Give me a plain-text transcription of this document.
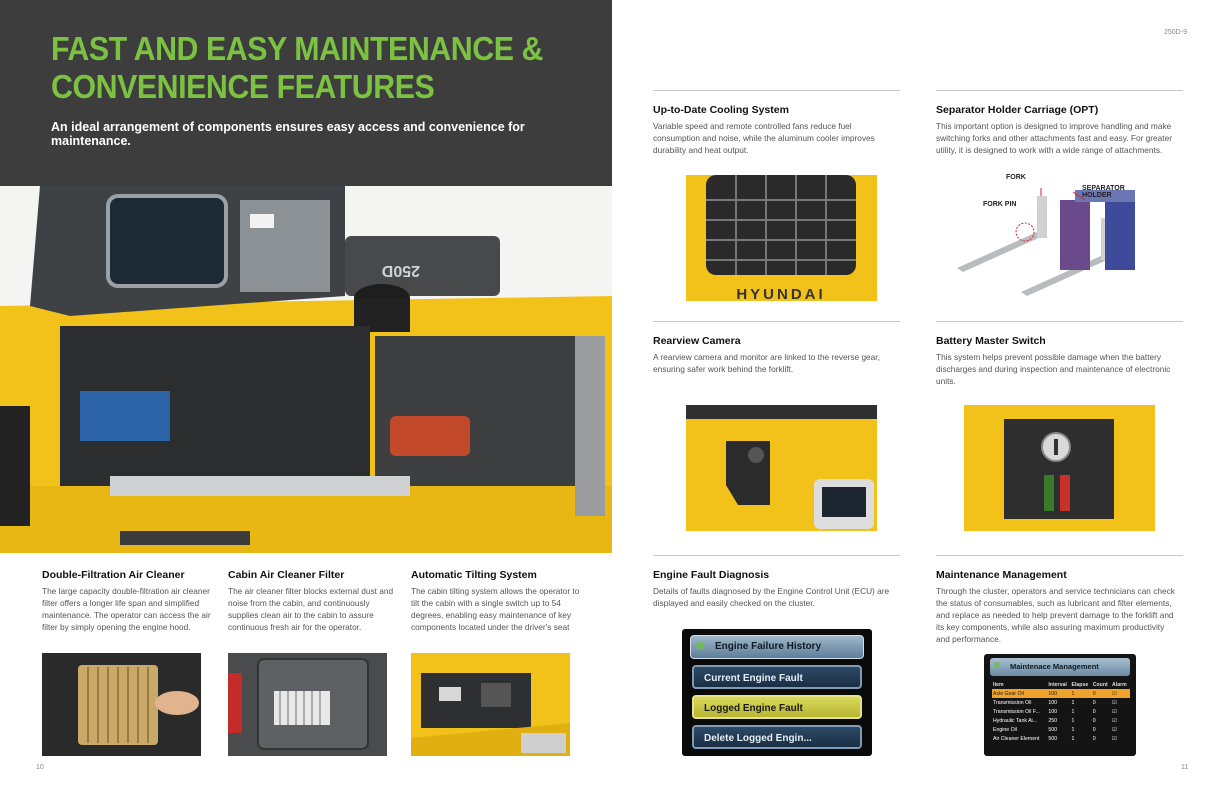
FAST AND EASY MAINTENANCE & CONVENIENCE FEATURES
An ideal arrangement of components ensures easy access and convenience for maintenance.
250D
Double-Filtration Air Cleaner
The large capacity double-filtration air cleaner filter offers a longer life span and simplified maintenance. The operator can access the air filter by simply opening the engine hood.
Cabin Air Cleaner Filter
The air cleaner filter blocks external dust and noise from the cabin, and continuously supplies clean air to the cabin to assure continuous fresh air for the operator.
Automatic Tilting System
The cabin tilting system allows the operator to tilt the cabin with a single switch up to 54 degrees, enabling easy maintenance of key components located under the driver's seat
10
250D-9
Up-to-Date Cooling System
Variable speed and remote controlled fans reduce fuel consumption and noise, while the aluminum cooler improves durability and heat output.
HYUNDAI
Separator Holder Carriage (OPT)
This important option is designed to improve handling and make switching forks and other attachments fast and easy. For greater utility, it is designed to work with a wide range of attachments.
FORK
SEPARATOR HOLDER
FORK PIN
Rearview Camera
A rearview camera and monitor are linked to the reverse gear, ensuring safer work behind the forklift.
Battery Master Switch
This system helps prevent possible damage when the battery discharges and during inspection and maintenance of electronic units.
Engine Fault Diagnosis
Details of faults diagnosed by the Engine Control Unit (ECU) are displayed and easily checked on the cluster.
✖ Engine Failure History
Current Engine Fault
Logged Engine Fault
Delete Logged Engin...
Maintenance Management
Through the cluster, operators and service technicians can check the status of consumables, such as lubricant and filter elements, and replace as needed to help prevent damage to the forklift and its key components, while also assuring maximum productivity and performance.
✖ Maintenace Management
Item	Interval	Elapse	Count	Alarm
Axle Gear Oil	100	1	0	☑
Transmission Oil	100	1	0	☑
Transmission Oil F...	100	1	0	☑
Hydraulic Tank Ai...	250	1	0	☑
Engine Oil	500	1	0	☑
Air Cleaner Element	500	1	0	☑
11
